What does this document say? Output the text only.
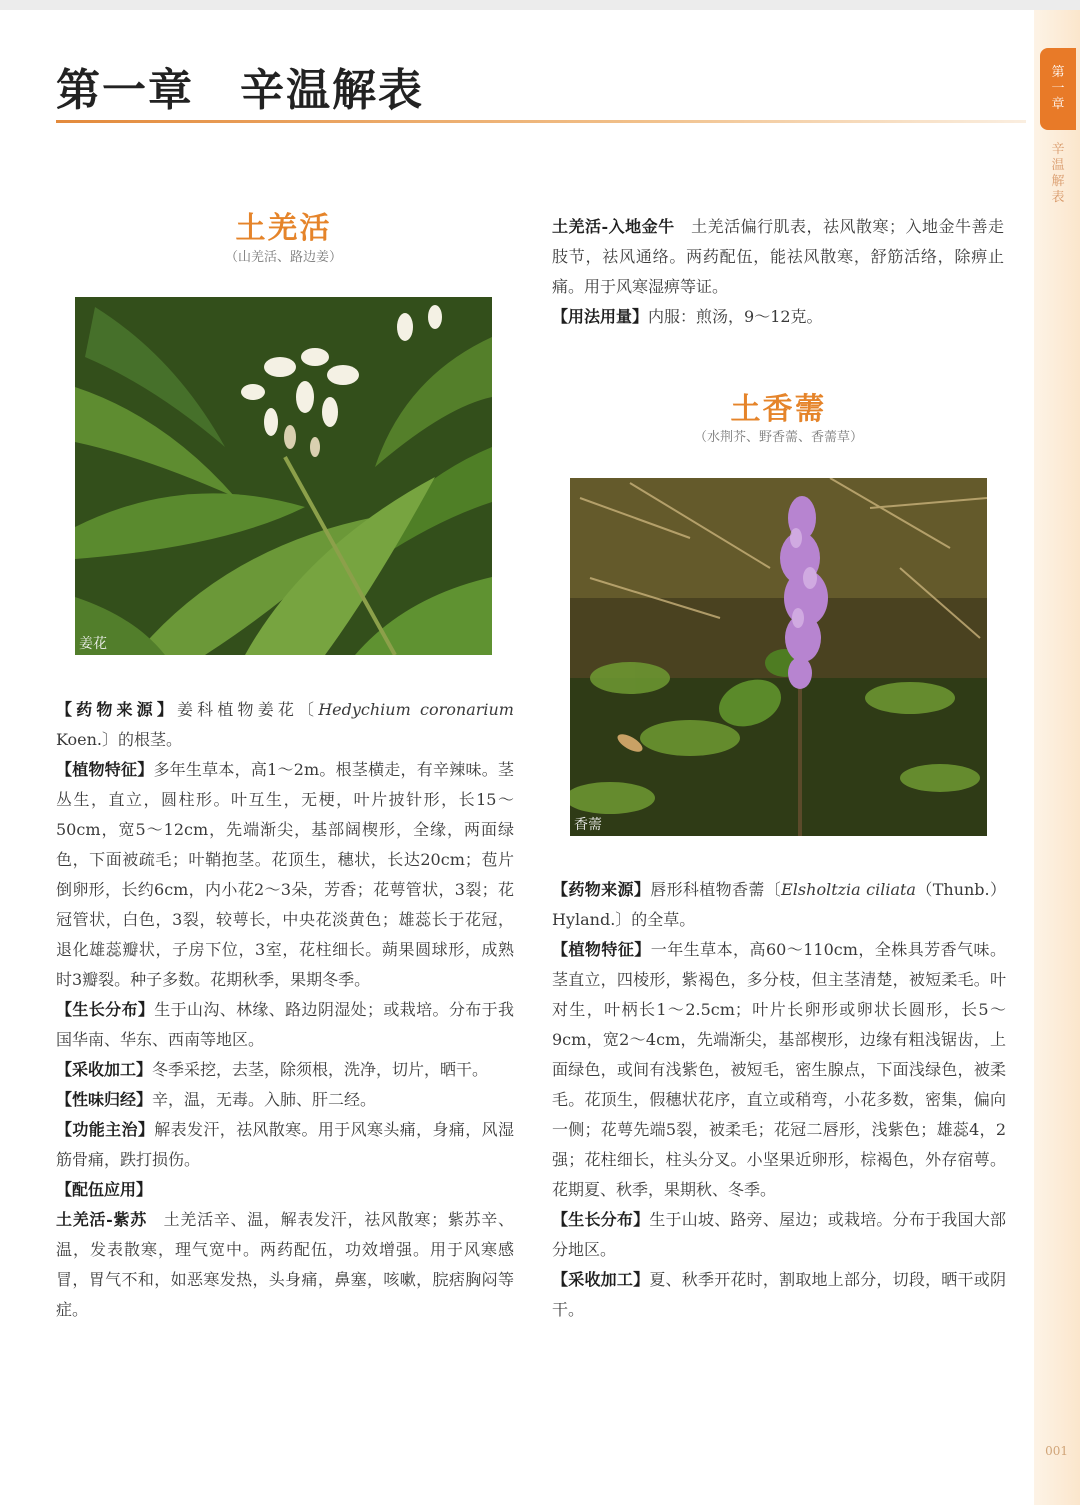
第
一
章
辛
温
解
表
001
第一章 辛温解表
土羌活
（山羌活、路边姜）
姜花

【药物来源】姜科植物姜花〔Hedychium coronarium Koen.〕的根茎。

【植物特征】多年生草本，高1～2m。根茎横走，有辛辣味。茎丛生，直立，圆柱形。叶互生，无梗，叶片披针形，长15～50cm，宽5～12cm，先端渐尖，基部阔楔形，全缘，两面绿色，下面被疏毛；叶鞘抱茎。花顶生，穗状，长达20cm；苞片倒卵形，长约6cm，内小花2～3朵，芳香；花萼管状，3裂；花冠管状，白色，3裂，较萼长，中央花淡黄色；雄蕊长于花冠，退化雄蕊瓣状，子房下位，3室，花柱细长。蒴果圆球形，成熟时3瓣裂。种子多数。花期秋季，果期冬季。

【生长分布】生于山沟、林缘、路边阴湿处；或栽培。分布于我国华南、华东、西南等地区。

【采收加工】冬季采挖，去茎，除须根，洗净，切片，晒干。

【性味归经】辛，温，无毒。入肺、肝二经。

【功能主治】解表发汗，祛风散寒。用于风寒头痛，身痛，风湿筋骨痛，跌打损伤。

【配伍应用】

土羌活-紫苏　 土羌活辛、温，解表发汗，祛风散寒；紫苏辛、温，发表散寒，理气宽中。两药配伍，功效增强。用于风寒感冒，胃气不和，如恶寒发热，头身痛，鼻塞，咳嗽，脘痞胸闷等症。

土羌活-入地金牛　 土羌活偏行肌表，祛风散寒；入地金牛善走肢节，祛风通络。两药配伍，能祛风散寒，舒筋活络，除痹止痛。用于风寒湿痹等证。

【用法用量】内服：煎汤，9～12克。

土香薷
（水荆芥、野香薷、香薷草）
香薷

【药物来源】唇形科植物香薷〔Elsholtzia ciliata（Thunb.）Hyland.〕的全草。

【植物特征】一年生草本，高60～110cm，全株具芳香气味。茎直立，四棱形，紫褐色，多分枝，但主茎清楚，被短柔毛。叶对生，叶柄长1～2.5cm；叶片长卵形或卵状长圆形，长5～9cm，宽2～4cm，先端渐尖，基部楔形，边缘有粗浅锯齿，上面绿色，或间有浅紫色，被短毛，密生腺点，下面浅绿色，被柔毛。花顶生，假穗状花序，直立或稍弯，小花多数，密集，偏向一侧；花萼先端5裂，被柔毛；花冠二唇形，浅紫色；雄蕊4，2强；花柱细长，柱头分叉。小坚果近卵形，棕褐色，外存宿萼。花期夏、秋季，果期秋、冬季。

【生长分布】生于山坡、路旁、屋边；或栽培。分布于我国大部分地区。

【采收加工】夏、秋季开花时，割取地上部分，切段，晒干或阴干。
